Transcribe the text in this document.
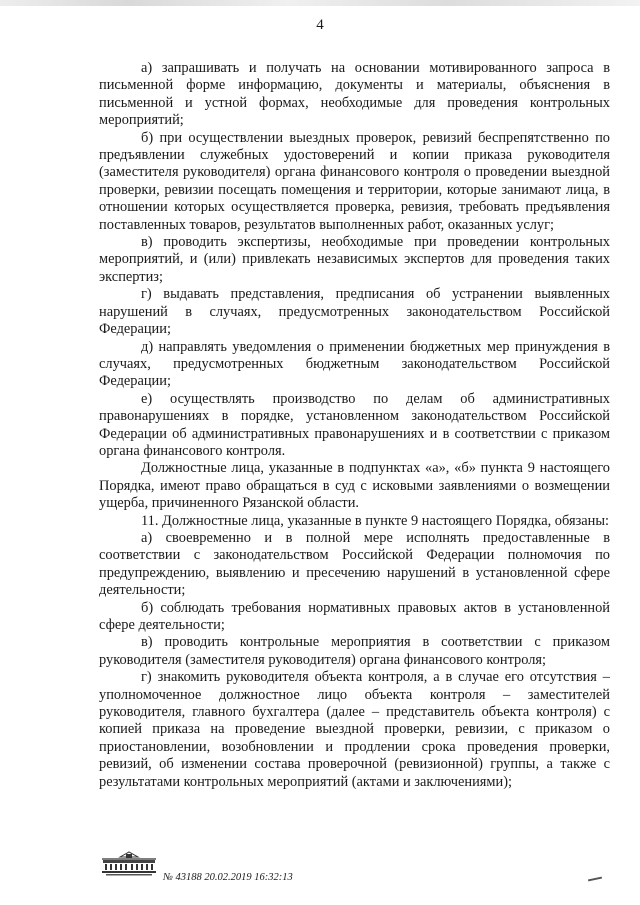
4

а) запрашивать и получать на основании мотивированного запроса в письменной форме информацию, документы и материалы, объяснения в письменной и устной формах, необходимые для проведения контрольных мероприятий;

б) при осуществлении выездных проверок, ревизий беспрепятственно по предъявлении служебных удостоверений и копии приказа руководителя (заместителя руководителя) органа финансового контроля о проведении выездной проверки, ревизии посещать помещения и территории, которые занимают лица, в отношении которых осуществляется проверка, ревизия, требовать предъявления поставленных товаров, результатов выполненных работ, оказанных услуг;

в) проводить экспертизы, необходимые при проведении контрольных мероприятий, и (или) привлекать независимых экспертов для проведения таких экспертиз;

г) выдавать представления, предписания об устранении выявленных нарушений в случаях, предусмотренных законодательством Российской Федерации;

д) направлять уведомления о применении бюджетных мер принуждения в случаях, предусмотренных бюджетным законодательством Российской Федерации;

е) осуществлять производство по делам об административных правонарушениях в порядке, установленном законодательством Российской Федерации об административных правонарушениях и в соответствии с приказом органа финансового контроля.

Должностные лица, указанные в подпунктах «а», «б» пункта 9 настоящего Порядка, имеют право обращаться в суд с исковыми заявлениями о возмещении ущерба, причиненного Рязанской области.

11. Должностные лица, указанные в пункте 9 настоящего Порядка, обязаны:

а) своевременно и в полной мере исполнять предоставленные в соответствии с законодательством Российской Федерации полномочия по предупреждению, выявлению и пресечению нарушений в установленной сфере деятельности;

б) соблюдать требования нормативных правовых актов в установленной сфере деятельности;

в) проводить контрольные мероприятия в соответствии с приказом руководителя (заместителя руководителя) органа финансового контроля;

г) знакомить руководителя объекта контроля, а в случае его отсутствия – уполномоченное должностное лицо объекта контроля – заместителей руководителя, главного бухгалтера (далее – представитель объекта контроля) с копией приказа на проведение выездной проверки, ревизии, с приказом о приостановлении, возобновлении и продлении срока проведения проверки, ревизий, об изменении состава проверочной (ревизионной) группы, а также с результатами контрольных мероприятий (актами и заключениями);

№ 43188 20.02.2019 16:32:13
